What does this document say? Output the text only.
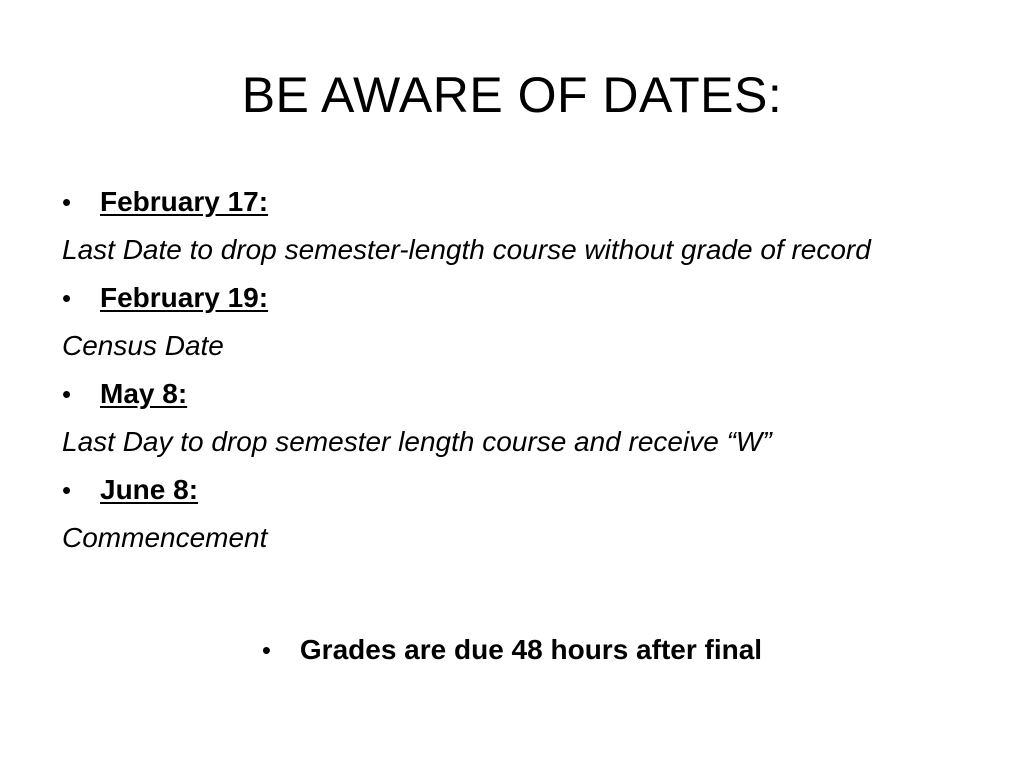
BE AWARE OF DATES:
•	February 17:
Last Date to drop semester-length course without grade of record
•	February 19:
Census Date
•	May 8:
Last Day to drop semester length course and receive “W”
•	June 8:
Commencement
• Grades are due 48 hours after final
